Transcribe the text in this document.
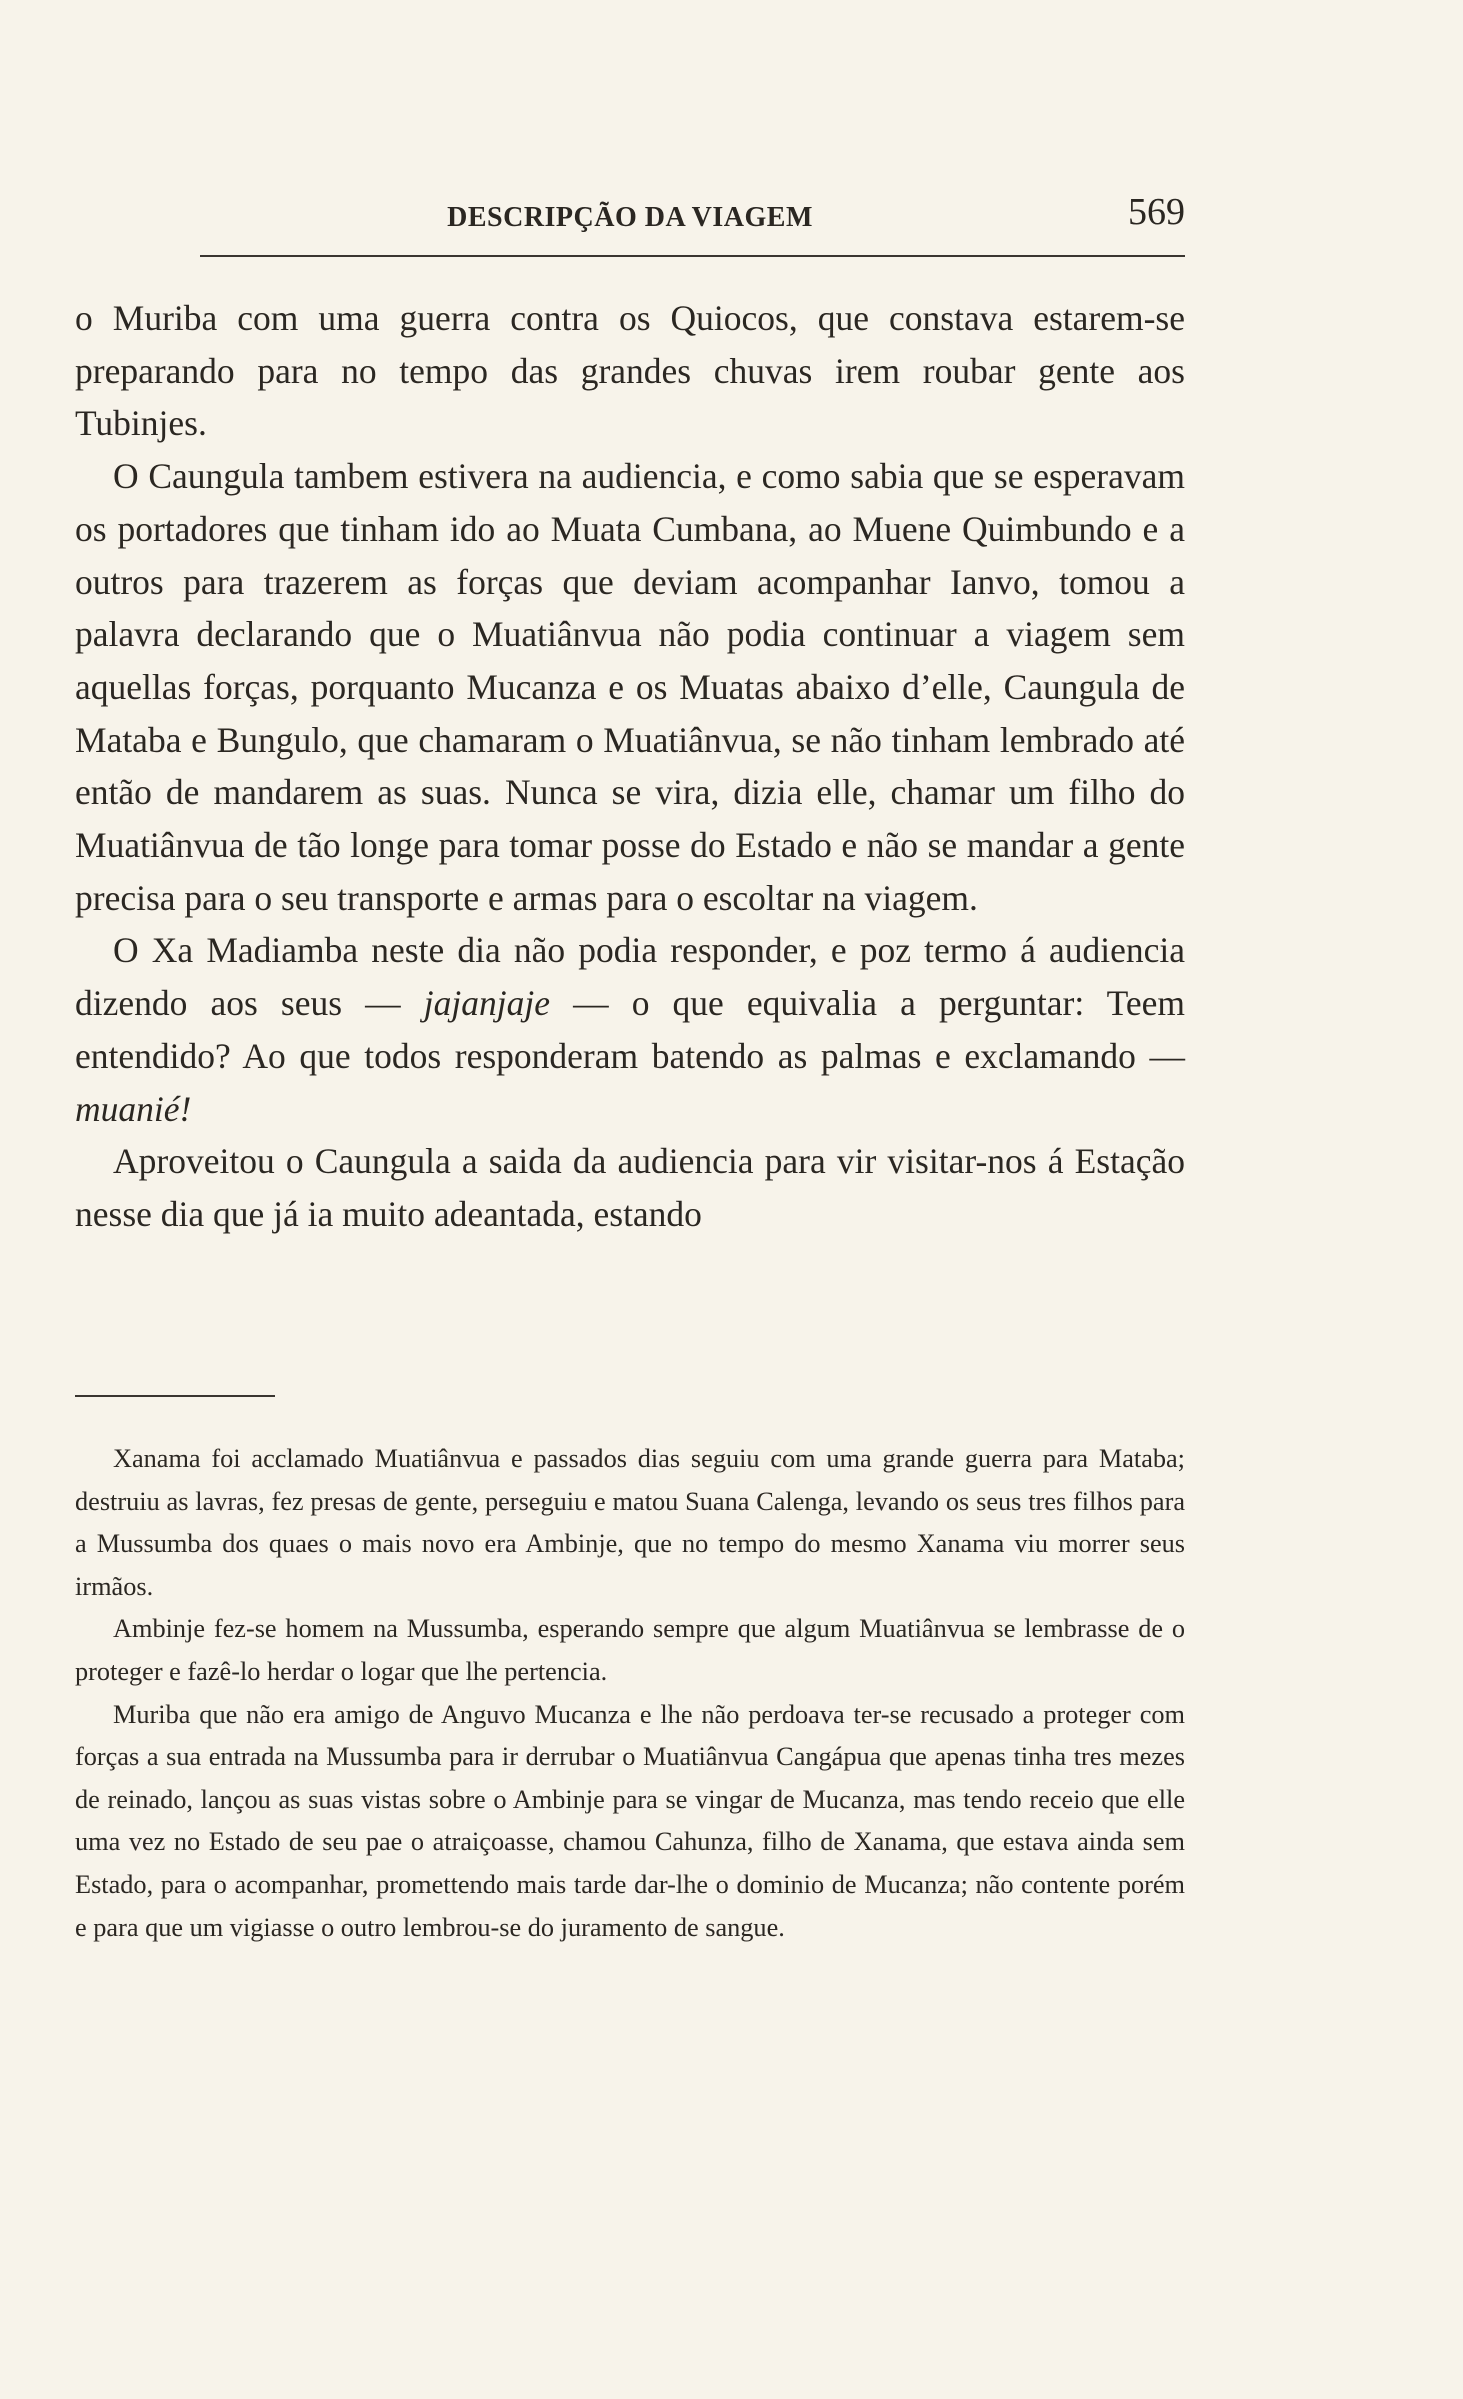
DESCRIPÇÃO DA VIAGEM	569

o Muriba com uma guerra contra os Quiocos, que constava estarem-se preparando para no tempo das grandes chuvas irem roubar gente aos Tubinjes.

O Caungula tambem estivera na audiencia, e como sabia que se esperavam os portadores que tinham ido ao Muata Cumbana, ao Muene Quimbundo e a outros para trazerem as forças que deviam acompanhar Ianvo, tomou a palavra declarando que o Muatiânvua não podia continuar a viagem sem aquellas forças, porquanto Mucanza e os Muatas abaixo d’elle, Caungula de Mataba e Bungulo, que chamaram o Muatiânvua, se não tinham lembrado até então de mandarem as suas. Nunca se vira, dizia elle, chamar um filho do Muatiânvua de tão longe para tomar posse do Estado e não se mandar a gente precisa para o seu transporte e armas para o escoltar na viagem.

O Xa Madiamba neste dia não podia responder, e poz termo á audiencia dizendo aos seus — jajanjaje — o que equivalia a perguntar: Teem entendido? Ao que todos responderam batendo as palmas e exclamando — muanié!

Aproveitou o Caungula a saida da audiencia para vir visitar-nos á Estação nesse dia que já ia muito adeantada, estando

Xanama foi acclamado Muatiânvua e passados dias seguiu com uma grande guerra para Mataba; destruiu as lavras, fez presas de gente, perseguiu e matou Suana Calenga, levando os seus tres filhos para a Mussumba dos quaes o mais novo era Ambinje, que no tempo do mesmo Xanama viu morrer seus irmãos.

Ambinje fez-se homem na Mussumba, esperando sempre que algum Muatiânvua se lembrasse de o proteger e fazê-lo herdar o logar que lhe pertencia.

Muriba que não era amigo de Anguvo Mucanza e lhe não perdoava ter-se recusado a proteger com forças a sua entrada na Mussumba para ir derrubar o Muatiânvua Cangápua que apenas tinha tres mezes de reinado, lançou as suas vistas sobre o Ambinje para se vingar de Mucanza, mas tendo receio que elle uma vez no Estado de seu pae o atraiçoasse, chamou Cahunza, filho de Xanama, que estava ainda sem Estado, para o acompanhar, promettendo mais tarde dar-lhe o dominio de Mucanza; não contente porém e para que um vigiasse o outro lembrou-se do juramento de sangue.
